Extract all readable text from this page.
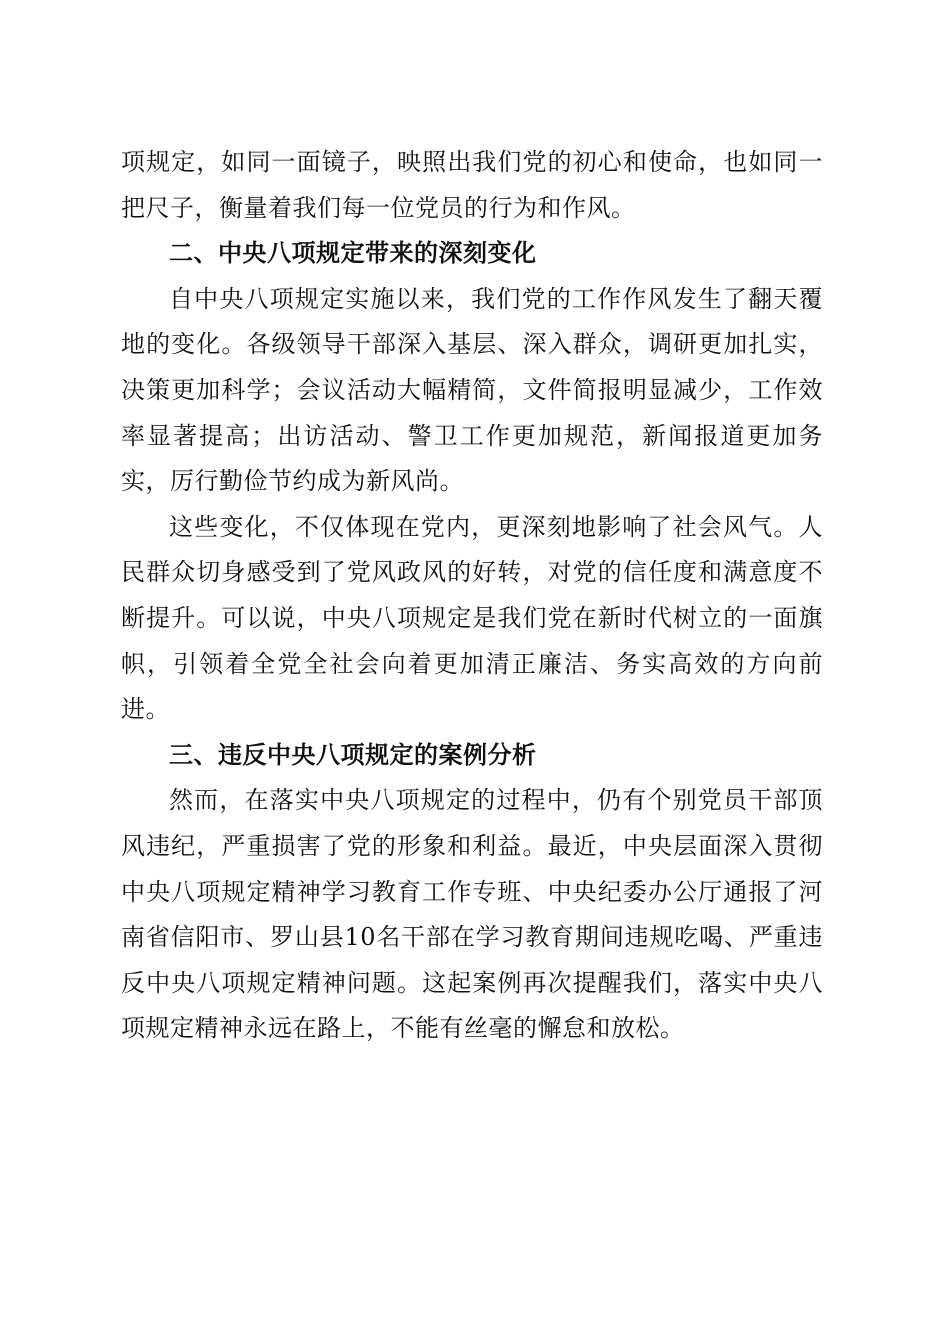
项规定，如同一面镜子，映照出我们党的初心和使命，也如同一把尺子，衡量着我们每一位党员的行为和作风。

二、中央八项规定带来的深刻变化

自中央八项规定实施以来，我们党的工作作风发生了翻天覆地的变化。各级领导干部深入基层、深入群众，调研更加扎实，决策更加科学；会议活动大幅精简，文件简报明显减少，工作效率显著提高；出访活动、警卫工作更加规范，新闻报道更加务实，厉行勤俭节约成为新风尚。

这些变化，不仅体现在党内，更深刻地影响了社会风气。人民群众切身感受到了党风政风的好转，对党的信任度和满意度不断提升。可以说，中央八项规定是我们党在新时代树立的一面旗帜，引领着全党全社会向着更加清正廉洁、务实高效的方向前进。

三、违反中央八项规定的案例分析

然而，在落实中央八项规定的过程中，仍有个别党员干部顶风违纪，严重损害了党的形象和利益。最近，中央层面深入贯彻中央八项规定精神学习教育工作专班、中央纪委办公厅通报了河南省信阳市、罗山县10名干部在学习教育期间违规吃喝、严重违反中央八项规定精神问题。这起案例再次提醒我们，落实中央八项规定精神永远在路上，不能有丝毫的懈怠和放松。
